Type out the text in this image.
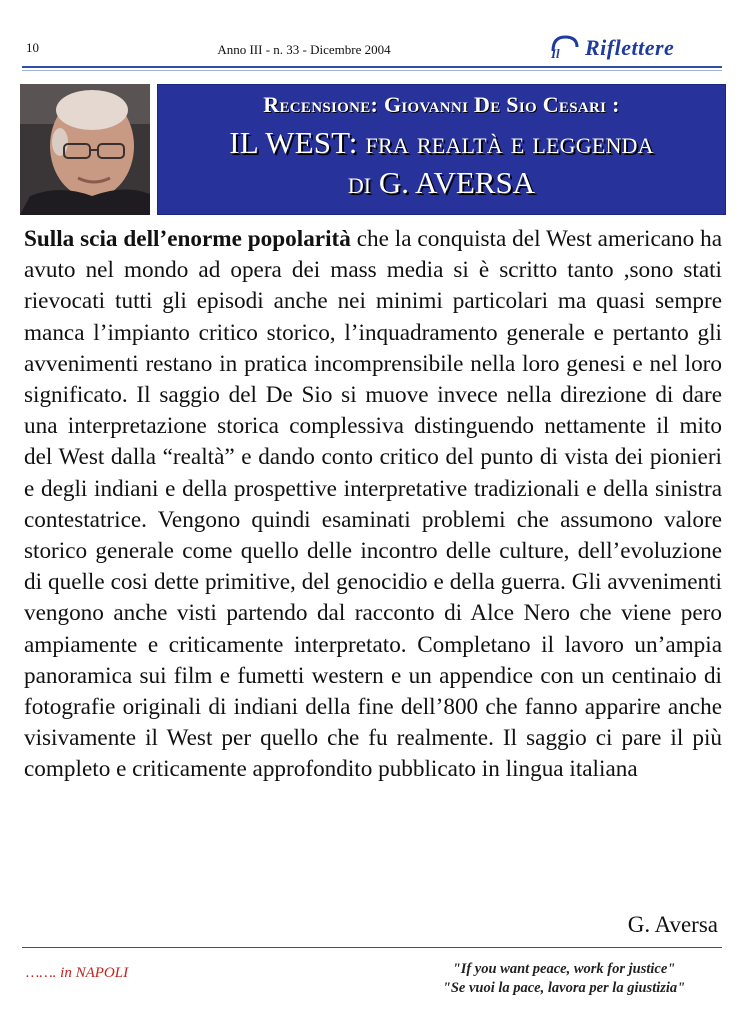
10	Anno III - n. 33 - Dicembre 2004	Il Riflettere
Recensione: Giovanni De Sio Cesari :
IL WEST: fra realtà e leggenda
di G. AVERSA
Sulla scia dell’enorme popolarità che la conquista del West americano ha avuto nel mondo ad opera dei mass media si è scritto tanto ,sono stati rievocati tutti gli episodi anche nei minimi particolari ma quasi sempre manca l’impianto critico storico, l’inquadramento generale e pertanto gli avvenimenti restano in pratica incomprensibile nella loro genesi e nel loro significato. Il saggio del De Sio si muove invece nella direzione di dare una interpretazione storica complessiva distinguendo nettamente il mito del West dalla “realtà” e dando conto critico del punto di vista dei pionieri e degli indiani e della prospettive interpretative tradizionali e della sinistra contestatrice. Vengono quindi esaminati problemi che assumono valore storico generale come quello delle incontro delle culture, dell’evoluzione di quelle cosi dette primitive, del genocidio e della guerra. Gli avvenimenti vengono anche visti partendo dal racconto di Alce Nero che viene pero ampiamente e criticamente interpretato. Completano il lavoro un’ampia panoramica sui film e fumetti western e un appendice con un centinaio di fotografie originali di indiani della fine dell’800 che fanno apparire anche visivamente il West per quello che fu realmente. Il saggio ci pare il più completo e criticamente approfondito pubblicato in lingua italiana
G. Aversa
……. in NAPOLI	"If you want peace, work for justice"
"Se vuoi la pace, lavora per la giustizia"
